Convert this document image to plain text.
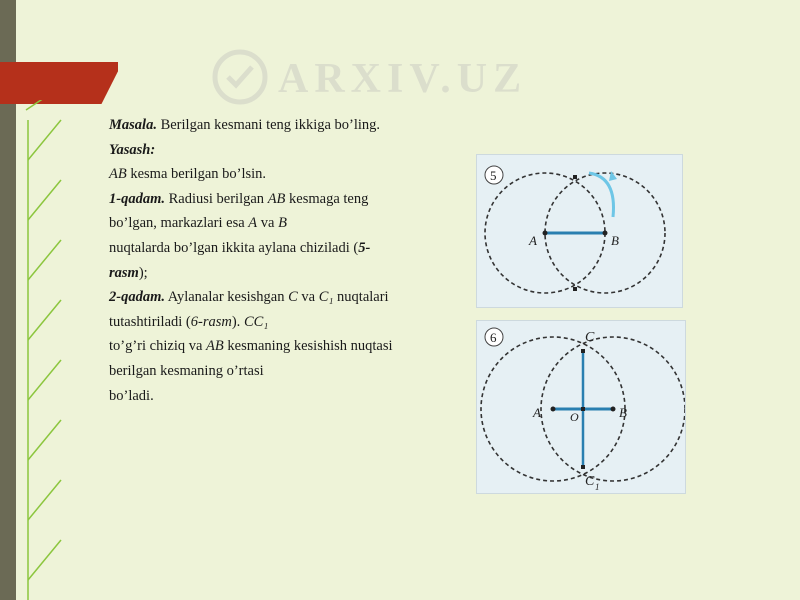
ARXIV.UZ

Masala. Berilgan kesmani teng ikkiga bo’ling.

Yasash:

AB kesma berilgan bo’lsin.

1-qadam. Radiusi berilgan AB kesmaga teng

bo’lgan, markazlari esa A va B

nuqtalarda bo’lgan ikkita aylana chiziladi (5-

rasm);

2-qadam. Aylanalar kesishgan C va C₁ nuqtalari

tutashtiriladi (6-rasm). CC₁

to’g’ri chiziq va AB kesmaning kesishish nuqtasi

berilgan kesmaning o’rtasi

bo’ladi.

5
A	B
6	C
C 1
A	B
O
